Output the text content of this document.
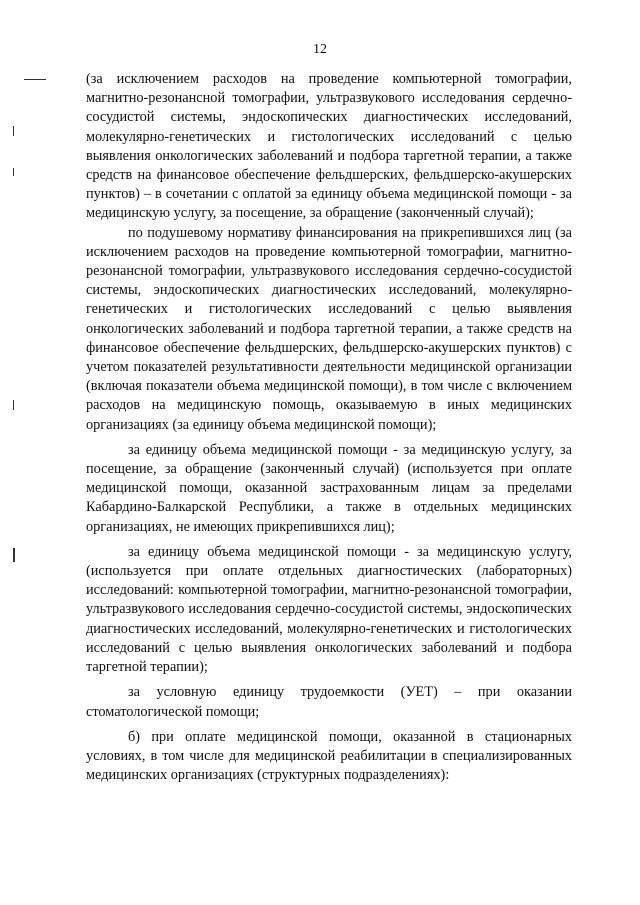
12

(за исключением расходов на проведение компьютерной томографии, магнитно-резонансной томографии, ультразвукового исследования сердечно-сосудистой системы, эндоскопических диагностических исследований, молекулярно-генетических и гистологических исследований с целью выявления онкологических заболеваний и подбора таргетной терапии, а также средств на финансовое обеспечение фельдшерских, фельдшерско-акушерских пунктов) – в сочетании с оплатой за единицу объема медицинской помощи - за медицинскую услугу, за посещение, за обращение (законченный случай);

по подушевому нормативу финансирования на прикрепившихся лиц (за исключением расходов на проведение компьютерной томографии, магнитно-резонансной томографии, ультразвукового исследования сердечно-сосудистой системы, эндоскопических диагностических исследований, молекулярно-генетических и гистологических исследований с целью выявления онкологических заболеваний и подбора таргетной терапии, а также средств на финансовое обеспечение фельдшерских, фельдшерско-акушерских пунктов) с учетом показателей результативности деятельности медицинской организации (включая показатели объема медицинской помощи), в том числе с включением расходов на медицинскую помощь, оказываемую в иных медицинских организациях (за единицу объема медицинской помощи);

за единицу объема медицинской помощи - за медицинскую услугу, за посещение, за обращение (законченный случай) (используется при оплате медицинской помощи, оказанной застрахованным лицам за пределами Кабардино-Балкарской Республики, а также в отдельных медицинских организациях, не имеющих прикрепившихся лиц);

за единицу объема медицинской помощи - за медицинскую услугу, (используется при оплате отдельных диагностических (лабораторных) исследований: компьютерной томографии, магнитно-резонансной томографии, ультразвукового исследования сердечно-сосудистой системы, эндоскопических диагностических исследований, молекулярно-генетических и гистологических исследований с целью выявления онкологических заболеваний и подбора таргетной терапии);

за условную единицу трудоемкости (УЕТ) – при оказании стоматологической помощи;

б) при оплате медицинской помощи, оказанной в стационарных условиях, в том числе для медицинской реабилитации в специализированных медицинских организациях (структурных подразделениях):
